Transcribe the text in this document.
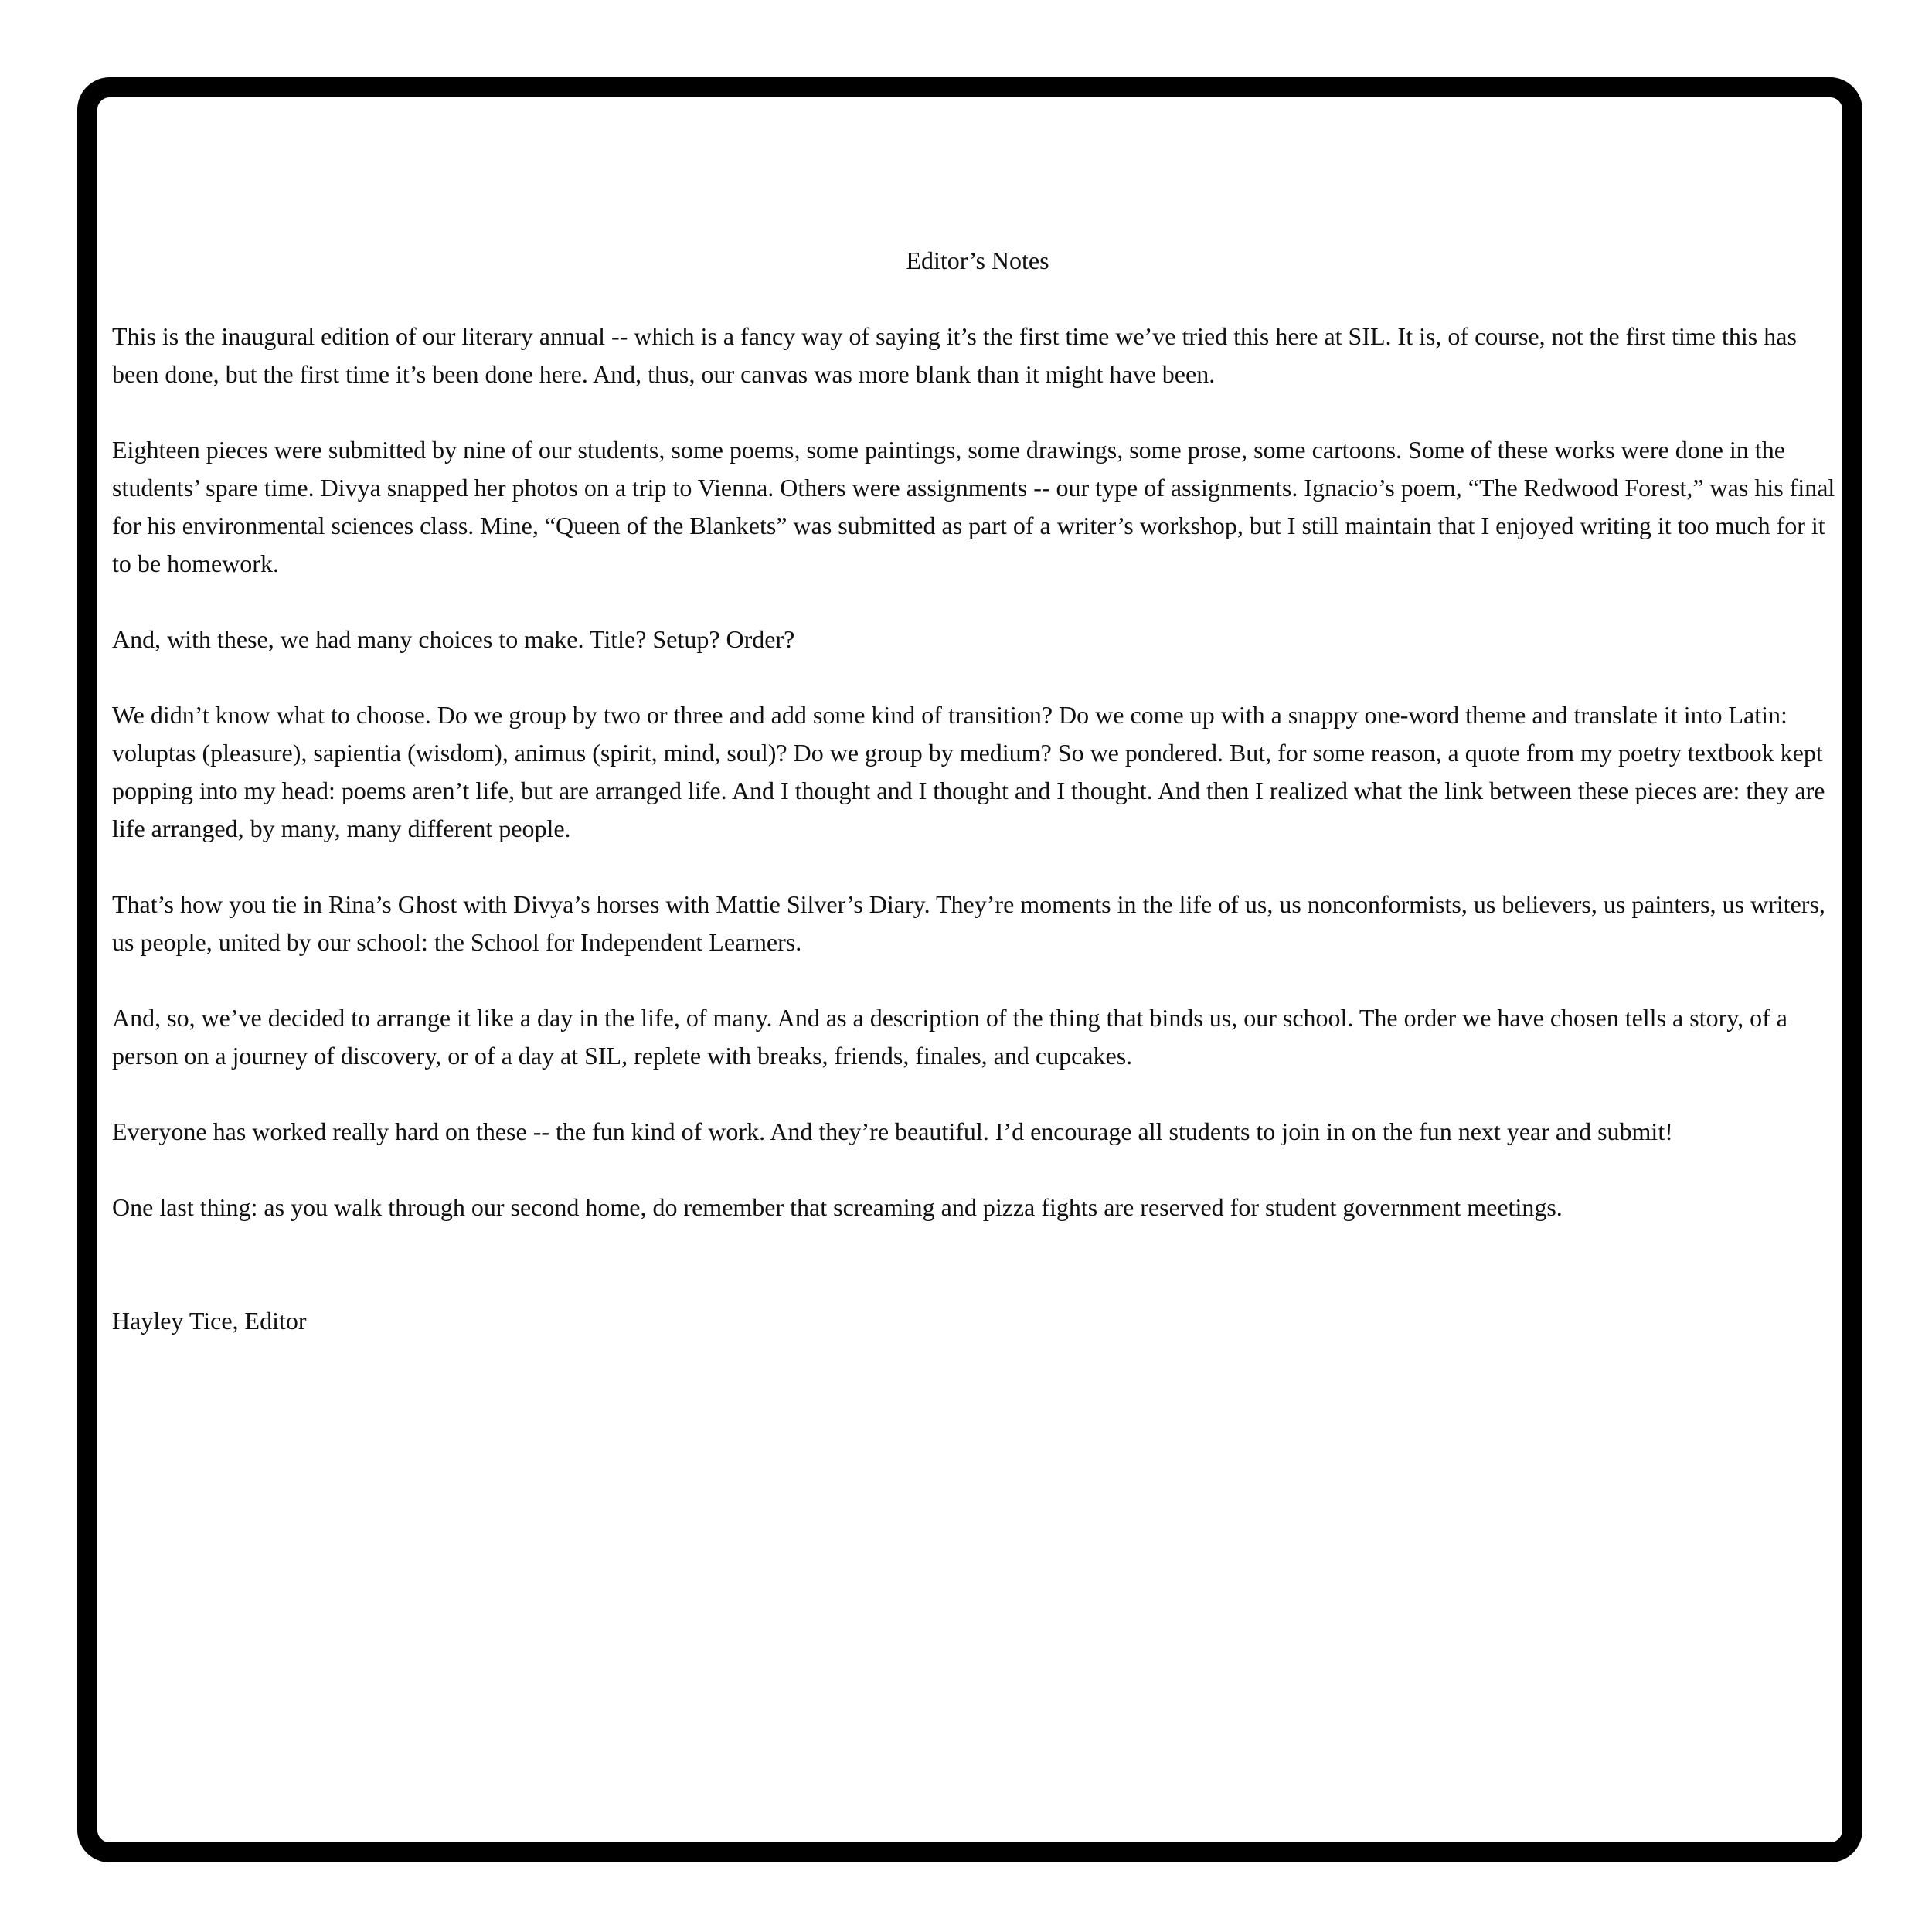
Editor’s Notes

This is the inaugural edition of our literary annual -- which is a fancy way of saying it’s the first time we’ve tried this here at SIL. It is, of course, not the first time this has been done, but the first time it’s been done here. And, thus, our canvas was more blank than it might have been.

Eighteen pieces were submitted by nine of our students, some poems, some paintings, some drawings, some prose, some cartoons. Some of these works were done in the students’ spare time. Divya snapped her photos on a trip to Vienna. Others were assignments -- our type of assignments. Ignacio’s poem, “The Redwood Forest,” was his final for his environmental sciences class. Mine, “Queen of the Blankets” was submitted as part of a writer’s workshop, but I still maintain that I enjoyed writing it too much for it to be homework.

And, with these, we had many choices to make. Title? Setup? Order?

We didn’t know what to choose. Do we group by two or three and add some kind of transition? Do we come up with a snappy one-word theme and translate it into Latin: voluptas (pleasure), sapientia (wisdom), animus (spirit, mind, soul)? Do we group by medium? So we pondered. But, for some reason, a quote from my poetry textbook kept popping into my head: poems aren’t life, but are arranged life. And I thought and I thought and I thought. And then I realized what the link between these pieces are: they are life arranged, by many, many different people.

That’s how you tie in Rina’s Ghost with Divya’s horses with Mattie Silver’s Diary. They’re moments in the life of us, us nonconformists, us believers, us painters, us writers, us people, united by our school: the School for Independent Learners.

And, so, we’ve decided to arrange it like a day in the life, of many. And as a description of the thing that binds us, our school. The order we have chosen tells a story, of a person on a journey of discovery, or of a day at SIL, replete with breaks, friends, finales, and cupcakes.

Everyone has worked really hard on these -- the fun kind of work. And they’re beautiful. I’d encourage all students to join in on the fun next year and submit!

One last thing: as you walk through our second home, do remember that screaming and pizza fights are reserved for student government meetings.

Hayley Tice, Editor
